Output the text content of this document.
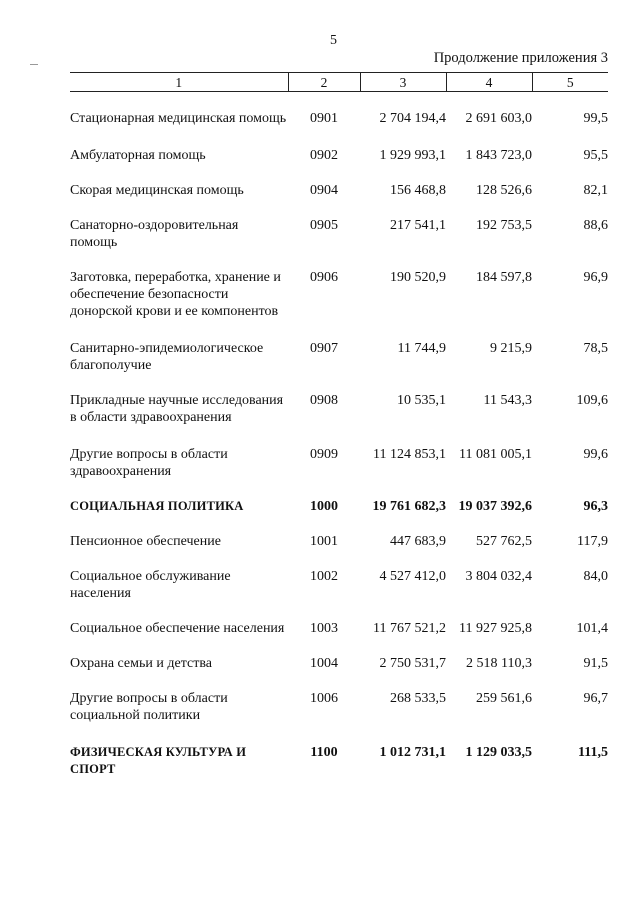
5
Продолжение приложения 3
1	2	3	4	5
Стационарная медицинская помощь	0901	2 704 194,4	2 691 603,0	99,5

Амбулаторная помощь	0902	1 929 993,1	1 843 723,0	95,5

Скорая медицинская помощь	0904	156 468,8	128 526,6	82,1

Санаторно-оздоровительная помощь	0905	217 541,1	192 753,5	88,6

Заготовка, переработка, хранение и обеспечение безопасности донорской крови и ее компонентов	0906	190 520,9	184 597,8	96,9

Санитарно-эпидемиологическое благополучие	0907	11 744,9	9 215,9	78,5

Прикладные научные исследования в области здравоохранения	0908	10 535,1	11 543,3	109,6

Другие вопросы в области здравоохранения	0909	11 124 853,1	11 081 005,1	99,6

СОЦИАЛЬНАЯ ПОЛИТИКА	1000	19 761 682,3	19 037 392,6	96,3

Пенсионное обеспечение	1001	447 683,9	527 762,5	117,9

Социальное обслуживание населения	1002	4 527 412,0	3 804 032,4	84,0

Социальное обеспечение населения	1003	11 767 521,2	11 927 925,8	101,4

Охрана семьи и детства	1004	2 750 531,7	2 518 110,3	91,5

Другие вопросы в области социальной политики	1006	268 533,5	259 561,6	96,7

ФИЗИЧЕСКАЯ КУЛЬТУРА И СПОРТ	1100	1 012 731,1	1 129 033,5	111,5
